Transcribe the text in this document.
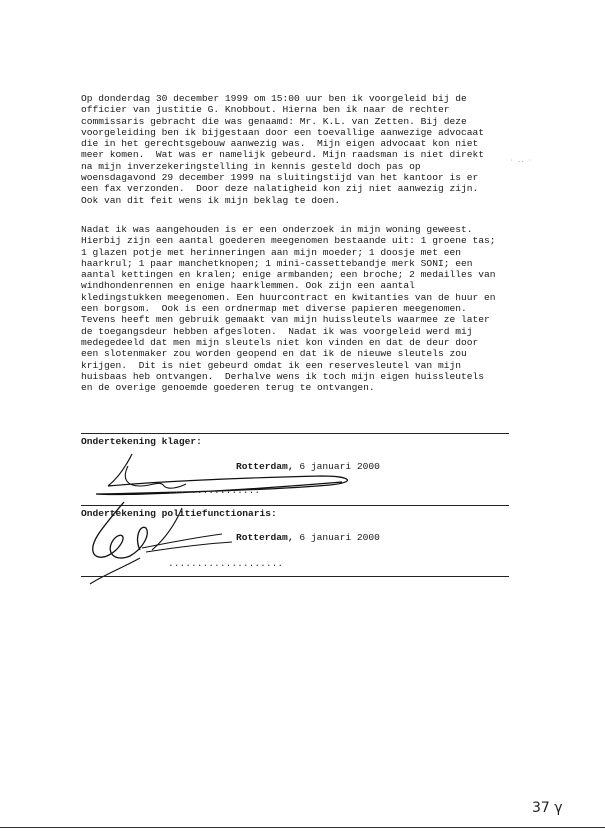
Op donderdag 30 december 1999 om 15:00 uur ben ik voorgeleid bij de
officier van justitie G. Knobbout. Hierna ben ik naar de rechter
commissaris gebracht die was genaamd: Mr. K.L. van Zetten. Bij deze
voorgeleiding ben ik bijgestaan door een toevallige aanwezige advocaat
die in het gerechtsgebouw aanwezig was.  Mijn eigen advocaat kon niet
meer komen.  Wat was er namelijk gebeurd. Mijn raadsman is niet direkt
na mijn inverzekeringstelling in kennis gesteld doch pas op
woensdagavond 29 december 1999 na sluitingstijd van het kantoor is er
een fax verzonden.  Door deze nalatigheid kon zij niet aanwezig zijn.
Ook van dit feit wens ik mijn beklag te doen.
Nadat ik was aangehouden is er een onderzoek in mijn woning geweest.
Hierbij zijn een aantal goederen meegenomen bestaande uit: 1 groene tas;
1 glazen potje met herinneringen aan mijn moeder; 1 doosje met een
haarkrul; 1 paar manchetknopen; 1 mini-cassettebandje merk SONI; een
aantal kettingen en kralen; enige armbanden; een broche; 2 medailles van
windhondenrennen en enige haarklemmen. Ook zijn een aantal
kledingstukken meegenomen. Een huurcontract en kwitanties van de huur en
een borgsom.  Ook is een ordnermap met diverse papieren meegenomen.
Tevens heeft men gebruik gemaakt van mijn huissleutels waarmee ze later
de toegangsdeur hebben afgesloten.  Nadat ik was voorgeleid werd mij
medegedeeld dat men mijn sleutels niet kon vinden en dat de deur door
een slotenmaker zou worden geopend en dat ik de nieuwe sleutels zou
krijgen.  Dit is niet gebeurd omdat ik een reservesleutel van mijn
huisbaas heb ontvangen.  Derhalve wens ik toch mijn eigen huissleutels
en de overige genoemde goederen terug te ontvangen.
· .. ·
Ondertekening klager:
Rotterdam, 6 januari 2000
................
Ondertekening politiefunctionaris:
Rotterdam, 6 januari 2000
....................
37 γ
